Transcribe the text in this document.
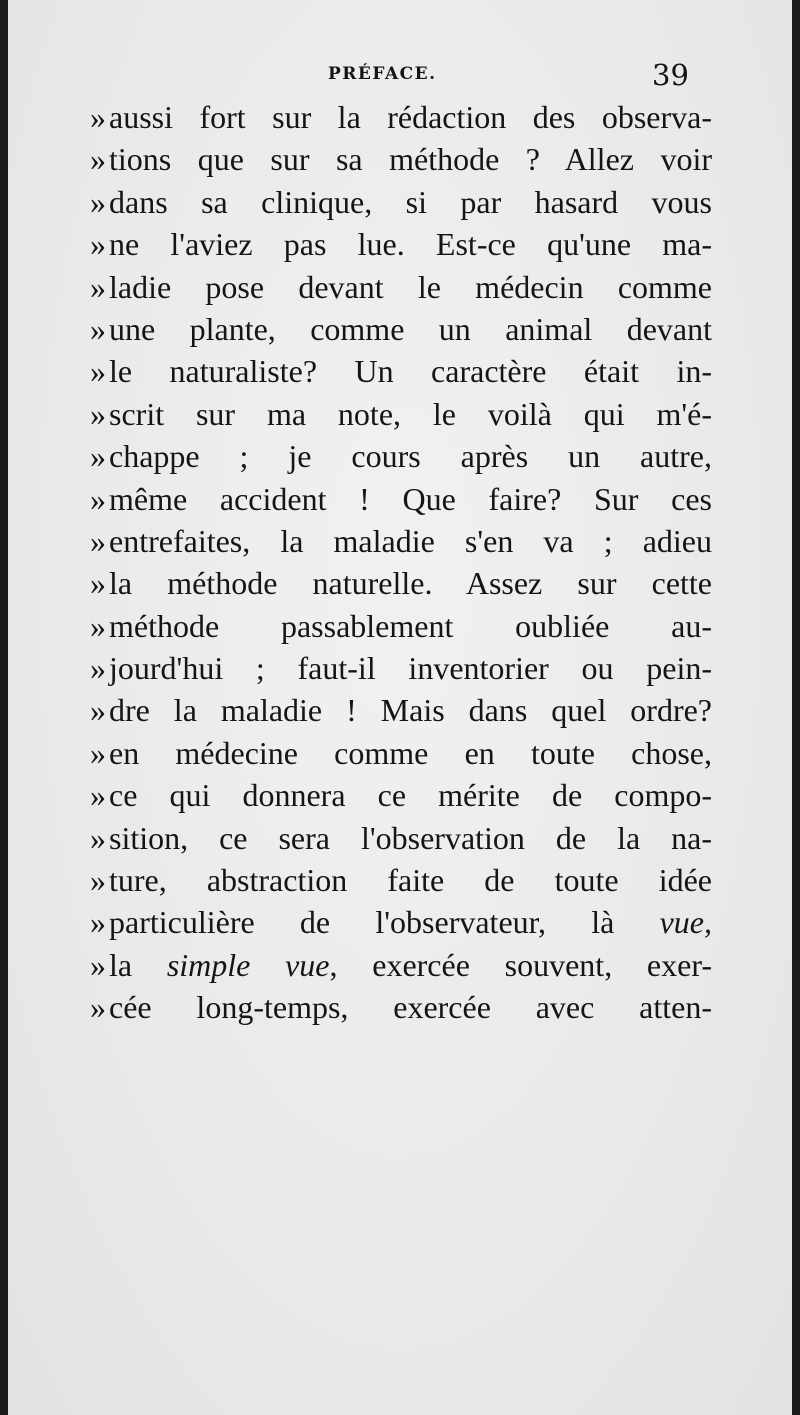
PRÉFACE.	39
»aussi fort sur la rédaction des observa-
»tions que sur sa méthode ? Allez voir
»dans sa clinique, si par hasard vous
»ne l'aviez pas lue. Est-ce qu'une ma-
»ladie pose devant le médecin comme
»une plante, comme un animal devant
»le naturaliste? Un caractère était in-
»scrit sur ma note, le voilà qui m'é-
»chappe ; je cours après un autre,
»même accident ! Que faire? Sur ces
»entrefaites, la maladie s'en va ; adieu
»la méthode naturelle. Assez sur cette
»méthode passablement oubliée au-
»jourd'hui ; faut-il inventorier ou pein-
»dre la maladie ! Mais dans quel ordre?
»en médecine comme en toute chose,
»ce qui donnera ce mérite de compo-
»sition, ce sera l'observation de la na-
»ture, abstraction faite de toute idée
»particulière de l'observateur, là vue,
»la simple vue, exercée souvent, exer-
»cée long-temps, exercée avec atten-
